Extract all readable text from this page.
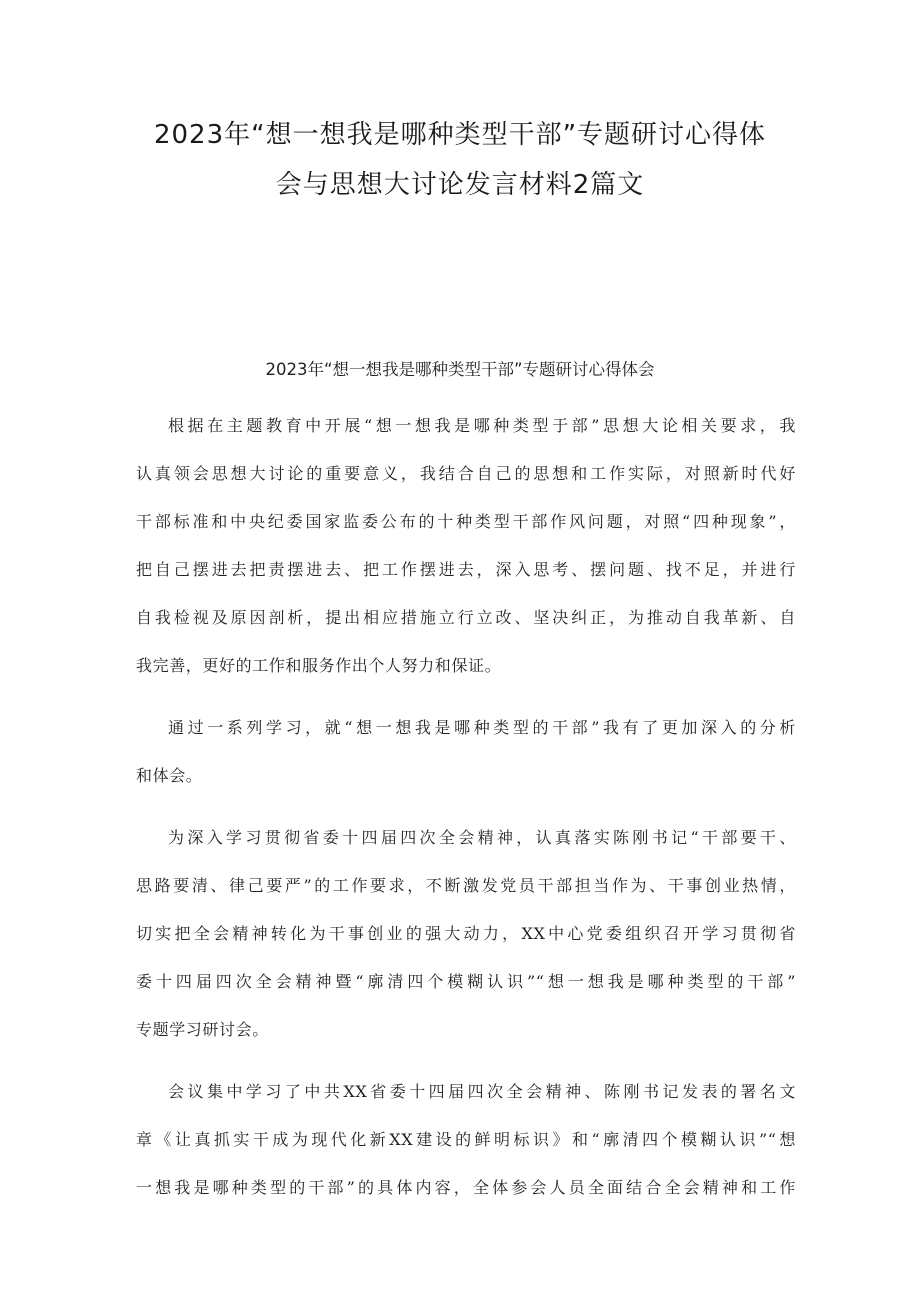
2023年“想一想我是哪种类型干部”专题研讨心得体
会与思想大讨论发言材料2篇文
2023年“想一想我是哪种类型干部”专题研讨心得体会
根据在主题教育中开展“想一想我是哪种类型于部”思想大论相关要求，我
认真领会思想大讨论的重要意义，我结合自己的思想和工作实际，对照新时代好
干部标准和中央纪委国家监委公布的十种类型干部作风问题，对照“四种现象”，
把自己摆进去把责摆进去、把工作摆进去，深入思考、摆问题、找不足，并进行
自我检视及原因剖析，提出相应措施立行立改、坚决纠正，为推动自我革新、自
我完善，更好的工作和服务作出个人努力和保证。
通过一系列学习，就“想一想我是哪种类型的干部”我有了更加深入的分析
和体会。
为深入学习贯彻省委十四届四次全会精神，认真落实陈刚书记“干部要干、
思路要清、律己要严”的工作要求，不断激发党员干部担当作为、干事创业热情，
切实把全会精神转化为干事创业的强大动力，XX中心党委组织召开学习贯彻省
委十四届四次全会精神暨“廓清四个模糊认识”“想一想我是哪种类型的干部”
专题学习研讨会。
会议集中学习了中共XX省委十四届四次全会精神、陈刚书记发表的署名文
章《让真抓实干成为现代化新XX建设的鲜明标识》和“廓清四个模糊认识”“想
一想我是哪种类型的干部”的具体内容，全体参会人员全面结合全会精神和工作
